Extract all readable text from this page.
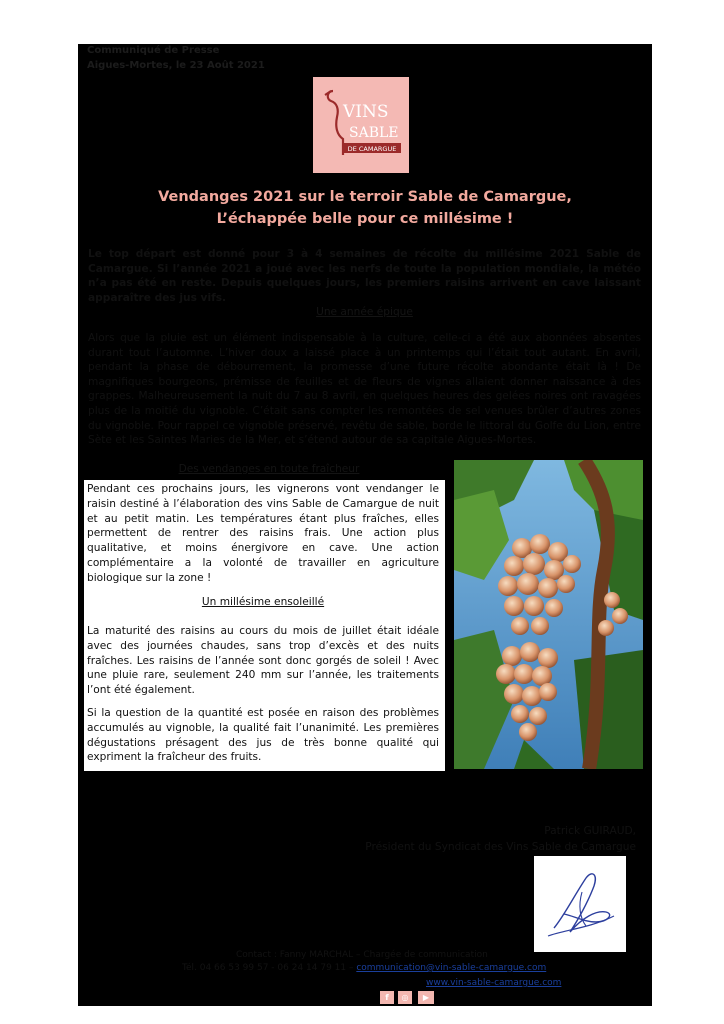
Communiqué de Presse
Aigues-Mortes, le 23 Août 2021
VINS
SABLE
DE CAMARGUE
Vendanges 2021 sur le terroir Sable de Camargue,
L’échappée belle pour ce millésime !
Le top départ est donné pour 3 à 4 semaines de récolte du millésime 2021 Sable de Camargue. Si l’année 2021 a joué avec les nerfs de toute la population mondiale, la météo n’a pas été en reste. Depuis quelques jours, les premiers raisins arrivent en cave laissant apparaître des jus vifs.
Une année épique
Alors que la pluie est un élément indispensable à la culture, celle-ci a été aux abonnées absentes durant tout l’automne. L’hiver doux a laissé place à un printemps qui l’était tout autant. En avril, pendant la phase de débourrement, la promesse d’une future récolte abondante était là ! De magnifiques bourgeons, prémisse de feuilles et de fleurs de vignes allaient donner naissance à des grappes. Malheureusement la nuit du 7 au 8 avril, en quelques heures des gelées noires ont ravagées plus de la moitié du vignoble. C’était sans compter les remontées de sel venues brûler d’autres zones du vignoble. Pour rappel ce vignoble préservé, revêtu de sable, borde le littoral du Golfe du Lion, entre Sète et les Saintes Maries de la Mer, et s’étend autour de sa capitale Aigues-Mortes.
Des vendanges en toute fraîcheur
Pendant ces prochains jours, les vignerons vont vendanger le raisin destiné à l’élaboration des vins Sable de Camargue de nuit et au petit matin. Les températures étant plus fraîches, elles permettent de rentrer des raisins frais. Une action plus qualitative, et moins énergivore en cave. Une action complémentaire a la volonté de travailler en agriculture biologique sur la zone !
Un millésime ensoleillé
La maturité des raisins au cours du mois de juillet était idéale avec des journées chaudes, sans trop d’excès et des nuits fraîches. Les raisins de l’année sont donc gorgés de soleil ! Avec une pluie rare, seulement 240 mm sur l’année, les traitements l’ont été également.
Si la question de la quantité est posée en raison des problèmes accumulés au vignoble, la qualité fait l’unanimité. Les premières dégustations présagent des jus de très bonne qualité qui expriment la fraîcheur des fruits.
Patrick GUIRAUD,
Président du Syndicat des Vins Sable de Camargue
Contact : Fanny MARCHAL – Chargée de communication
Tél. 04 66 53 99 57 - 06 24 14 79 11 – communication@vin-sable-camargue.com
www.vin-sable-camargue.com
f	◎	▶
